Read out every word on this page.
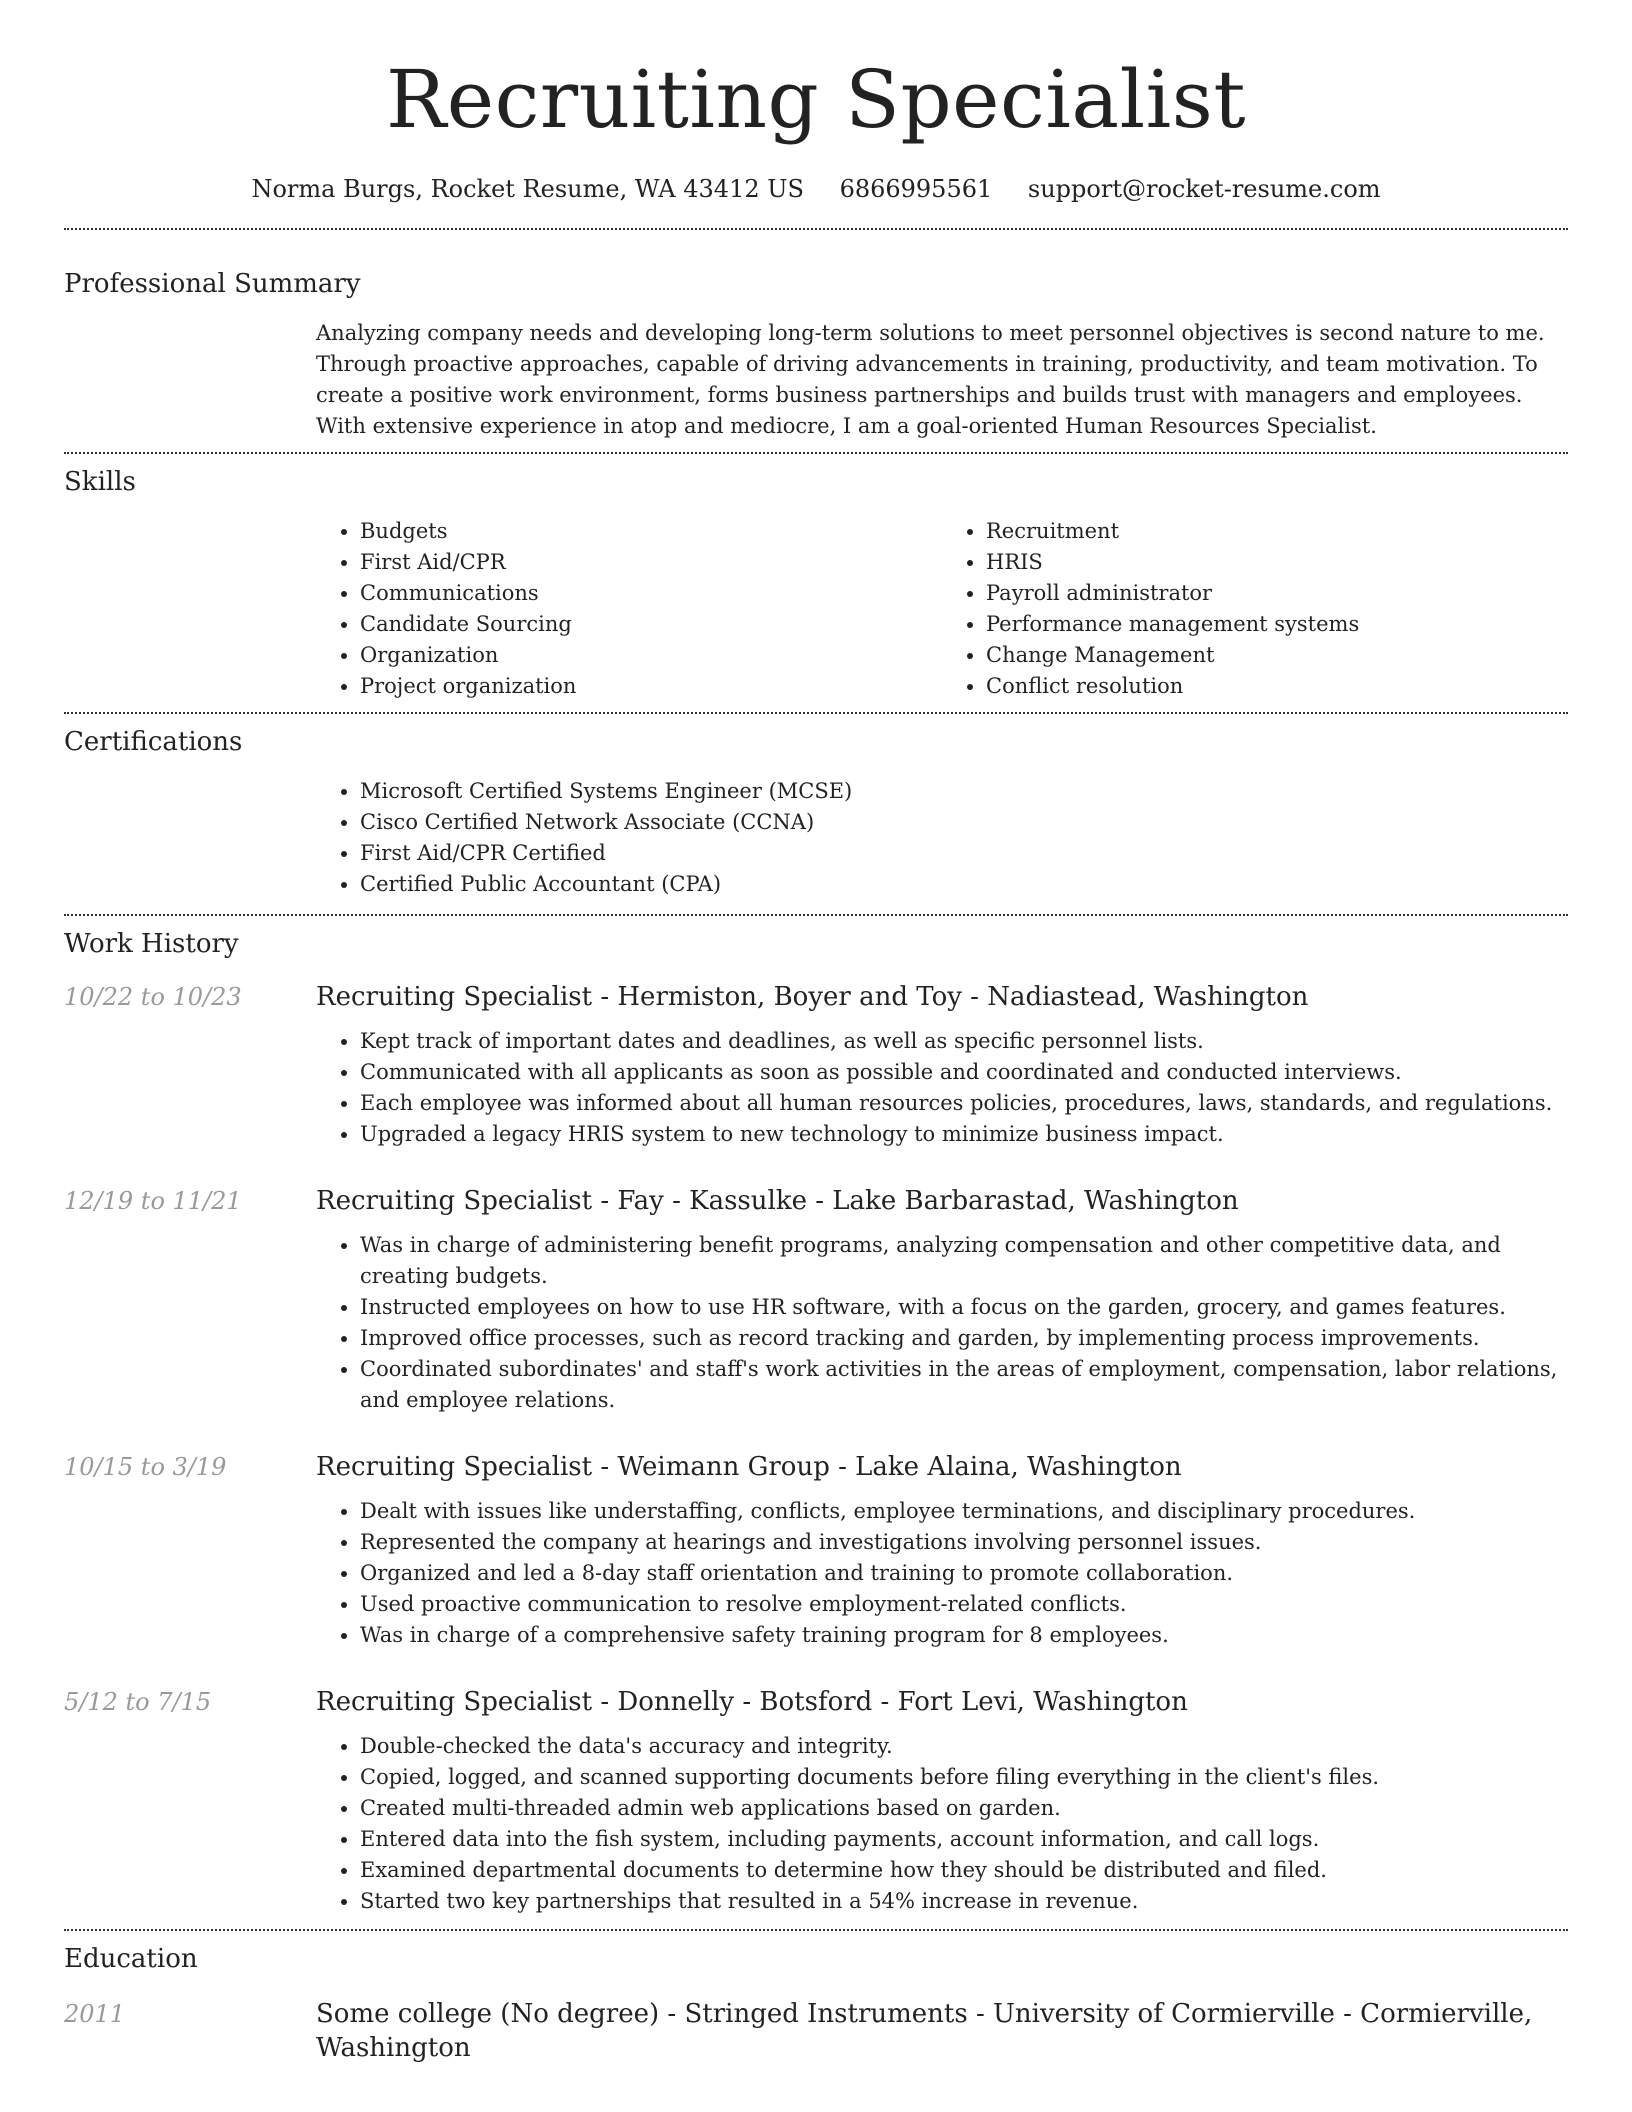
Recruiting Specialist
Norma Burgs, Rocket Resume, WA 43412 US 6866995561 support@rocket-resume.com
Professional Summary

Analyzing company needs and developing long-term solutions to meet personnel objectives is second nature to me. Through proactive approaches, capable of driving advancements in training, productivity, and team motivation. To create a positive work environment, forms business partnerships and builds trust with managers and employees. With extensive experience in atop and mediocre, I am a goal-oriented Human Resources Specialist.

Skills
• Budgets
• First Aid/CPR
• Communications
• Candidate Sourcing
• Organization
• Project organization
• Recruitment
• HRIS
• Payroll administrator
• Performance management systems
• Change Management
• Conflict resolution
Certifications
• Microsoft Certified Systems Engineer (MCSE)
• Cisco Certified Network Associate (CCNA)
• First Aid/CPR Certified
• Certified Public Accountant (CPA)
Work History
10/22 to 10/23	Recruiting Specialist - Hermiston, Boyer and Toy - Nadiastead, Washington
• Kept track of important dates and deadlines, as well as specific personnel lists.
• Communicated with all applicants as soon as possible and coordinated and conducted interviews.
• Each employee was informed about all human resources policies, procedures, laws, standards, and regulations.
• Upgraded a legacy HRIS system to new technology to minimize business impact.
12/19 to 11/21	Recruiting Specialist - Fay - Kassulke - Lake Barbarastad, Washington
• Was in charge of administering benefit programs, analyzing compensation and other competitive data, and creating budgets.
• Instructed employees on how to use HR software, with a focus on the garden, grocery, and games features.
• Improved office processes, such as record tracking and garden, by implementing process improvements.
• Coordinated subordinates' and staff's work activities in the areas of employment, compensation, labor relations, and employee relations.
10/15 to 3/19	Recruiting Specialist - Weimann Group - Lake Alaina, Washington
• Dealt with issues like understaffing, conflicts, employee terminations, and disciplinary procedures.
• Represented the company at hearings and investigations involving personnel issues.
• Organized and led a 8-day staff orientation and training to promote collaboration.
• Used proactive communication to resolve employment-related conflicts.
• Was in charge of a comprehensive safety training program for 8 employees.
5/12 to 7/15	Recruiting Specialist - Donnelly - Botsford - Fort Levi, Washington
• Double-checked the data's accuracy and integrity.
• Copied, logged, and scanned supporting documents before filing everything in the client's files.
• Created multi-threaded admin web applications based on garden.
• Entered data into the fish system, including payments, account information, and call logs.
• Examined departmental documents to determine how they should be distributed and filed.
• Started two key partnerships that resulted in a 54% increase in revenue.
Education
2011	Some college (No degree) - Stringed Instruments - University of Cormierville - Cormierville, Washington
